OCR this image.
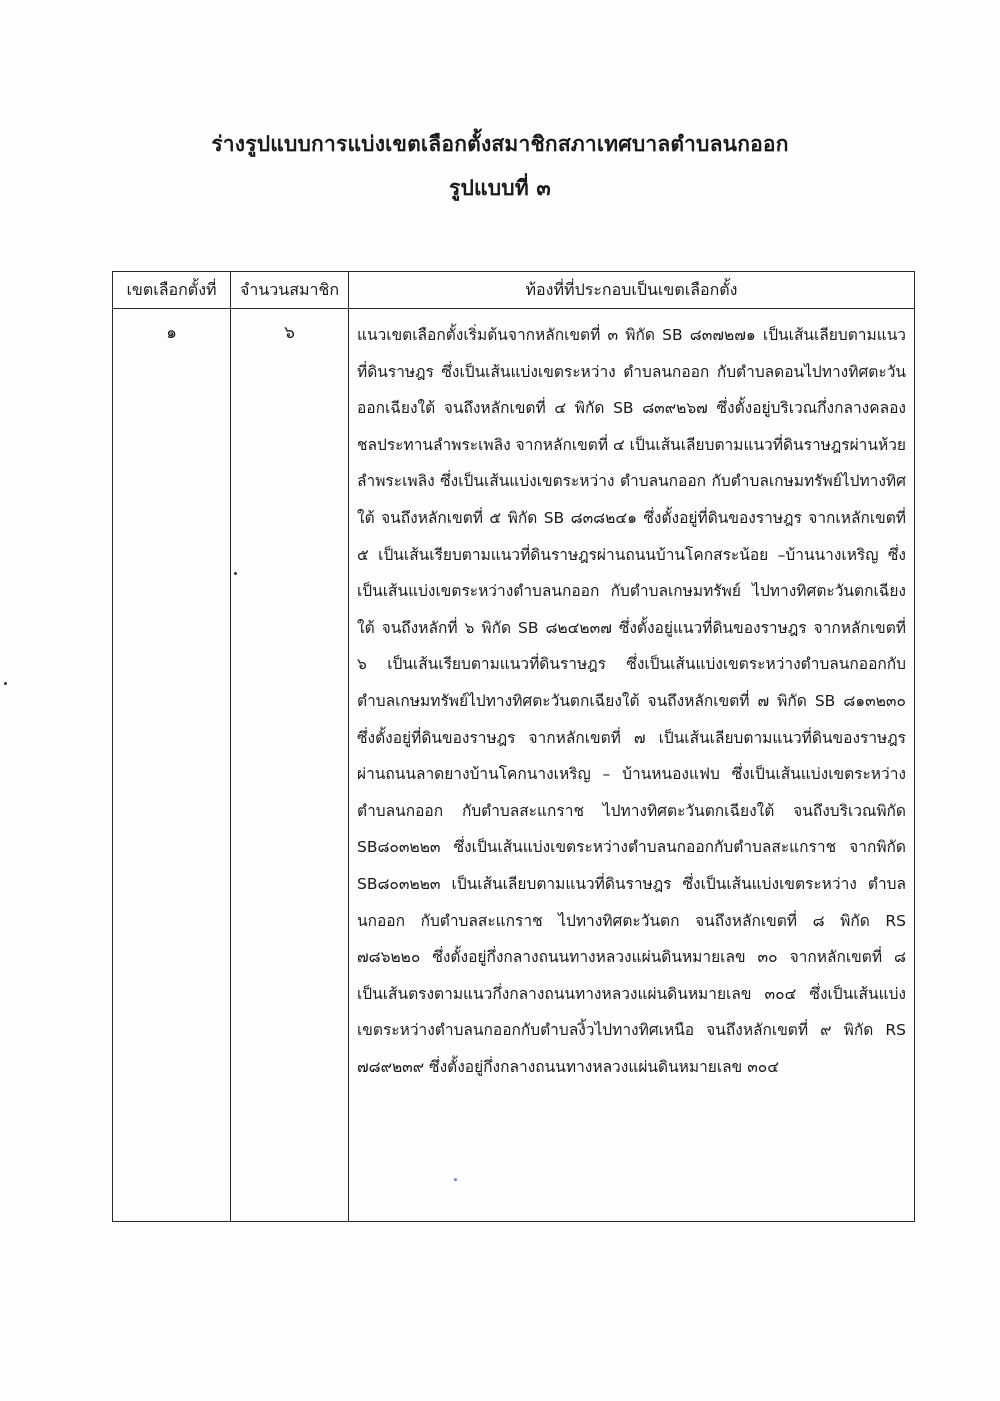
ร่างรูปแบบการแบ่งเขตเลือกตั้งสมาชิกสภาเทศบาลตำบลนกออก
รูปแบบที่ ๓
เขตเลือกตั้งที่	จำนวนสมาชิก	ท้องที่ที่ประกอบเป็นเขตเลือกตั้ง
๑	๖	แนวเขตเลือกตั้งเริ่มต้นจากหลักเขตที่ ๓ พิกัด SB ๘๓๗๒๗๑ เป็นเส้นเลียบตามแนวที่ดินราษฎร ซึ่งเป็นเส้นแบ่งเขตระหว่าง ตำบลนกออก กับตำบลดอนไปทางทิศตะวันออกเฉียงใต้ จนถึงหลักเขตที่ ๔ พิกัด SB ๘๓๙๒๖๗ ซึ่งตั้งอยู่บริเวณกึ่งกลางคลองชลประทานลำพระเพลิง จากหลักเขตที่ ๔ เป็นเส้นเลียบตามแนวที่ดินราษฎรผ่านห้วยลำพระเพลิง ซึ่งเป็นเส้นแบ่งเขตระหว่าง ตำบลนกออก กับตำบลเกษมทรัพย์ไปทางทิศใต้ จนถึงหลักเขตที่ ๕ พิกัด SB ๘๓๘๒๔๑ ซึ่งตั้งอยู่ที่ดินของราษฎร จากเหลักเขตที่ ๕ เป็นเส้นเรียบตามแนวที่ดินราษฎรผ่านถนนบ้านโคกสระน้อย –บ้านนางเหริญ ซึ่งเป็นเส้นแบ่งเขตระหว่างตำบลนกออก กับตำบลเกษมทรัพย์ ไปทางทิศตะวันตกเฉียงใต้ จนถึงหลักที่ ๖ พิกัด SB ๘๒๔๒๓๗ ซึ่งตั้งอยู่แนวที่ดินของราษฎร จากหลักเขตที่ ๖ เป็นเส้นเรียบตามแนวที่ดินราษฎร ซึ่งเป็นเส้นแบ่งเขตระหว่างตำบลนกออกกับตำบลเกษมทรัพย์ไปทางทิศตะวันตกเฉียงใต้ จนถึงหลักเขตที่ ๗ พิกัด SB ๘๑๓๒๓๐ ซึ่งตั้งอยู่ที่ดินของราษฎร จากหลักเขตที่ ๗ เป็นเส้นเลียบตามแนวที่ดินของราษฎร ผ่านถนนลาดยางบ้านโคกนางเหริญ – บ้านหนองแฟบ ซึ่งเป็นเส้นแบ่งเขตระหว่างตำบลนกออก กับตำบลสะแกราช ไปทางทิศตะวันตกเฉียงใต้ จนถึงบริเวณพิกัด SB๘๐๓๒๒๓ ซึ่งเป็นเส้นแบ่งเขตระหว่างตำบลนกออกกับตำบลสะแกราช จากพิกัด SB๘๐๓๒๒๓ เป็นเส้นเลียบตามแนวที่ดินราษฎร ซึ่งเป็นเส้นแบ่งเขตระหว่าง ตำบลนกออก กับตำบลสะแกราช ไปทางทิศตะวันตก จนถึงหลักเขตที่ ๘ พิกัด RS ๗๘๖๒๒๐ ซึ่งตั้งอยู่กึ่งกลางถนนทางหลวงแผ่นดินหมายเลข ๓๐ จากหลักเขตที่ ๘ เป็นเส้นตรงตามแนวกึ่งกลางถนนทางหลวงแผ่นดินหมายเลข ๓๐๔ ซึ่งเป็นเส้นแบ่งเขตระหว่างตำบลนกออกกับตำบลงิ้วไปทางทิศเหนือ จนถึงหลักเขตที่ ๙ พิกัด RS ๗๘๙๒๓๙ ซึ่งตั้งอยู่กึ่งกลางถนนทางหลวงแผ่นดินหมายเลข ๓๐๔
